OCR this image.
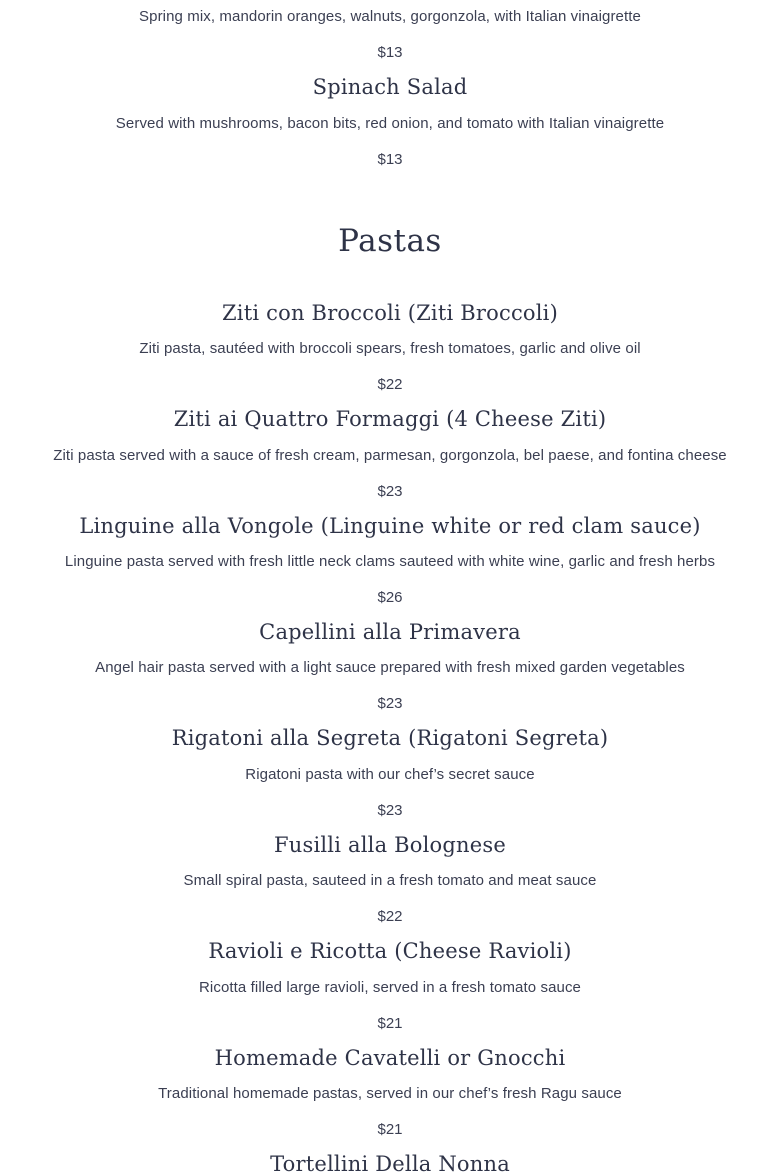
Spring mix, mandorin oranges, walnuts, gorgonzola, with Italian vinaigrette
$13
Spinach Salad
Served with mushrooms, bacon bits, red onion, and tomato with Italian vinaigrette
$13
Pastas
Ziti con Broccoli (Ziti Broccoli)
Ziti pasta, sautéed with broccoli spears, fresh tomatoes, garlic and olive oil
$22
Ziti ai Quattro Formaggi (4 Cheese Ziti)
Ziti pasta served with a sauce of fresh cream, parmesan, gorgonzola, bel paese, and fontina cheese
$23
Linguine alla Vongole (Linguine white or red clam sauce)
Linguine pasta served with fresh little neck clams sauteed with white wine, garlic and fresh herbs
$26
Capellini alla Primavera
Angel hair pasta served with a light sauce prepared with fresh mixed garden vegetables
$23
Rigatoni alla Segreta (Rigatoni Segreta)
Rigatoni pasta with our chef’s secret sauce
$23
Fusilli alla Bolognese
Small spiral pasta, sauteed in a fresh tomato and meat sauce
$22
Ravioli e Ricotta (Cheese Ravioli)
Ricotta filled large ravioli, served in a fresh tomato sauce
$21
Homemade Cavatelli or Gnocchi
Traditional homemade pastas, served in our chef’s fresh Ragu sauce
$21
Tortellini Della Nonna
